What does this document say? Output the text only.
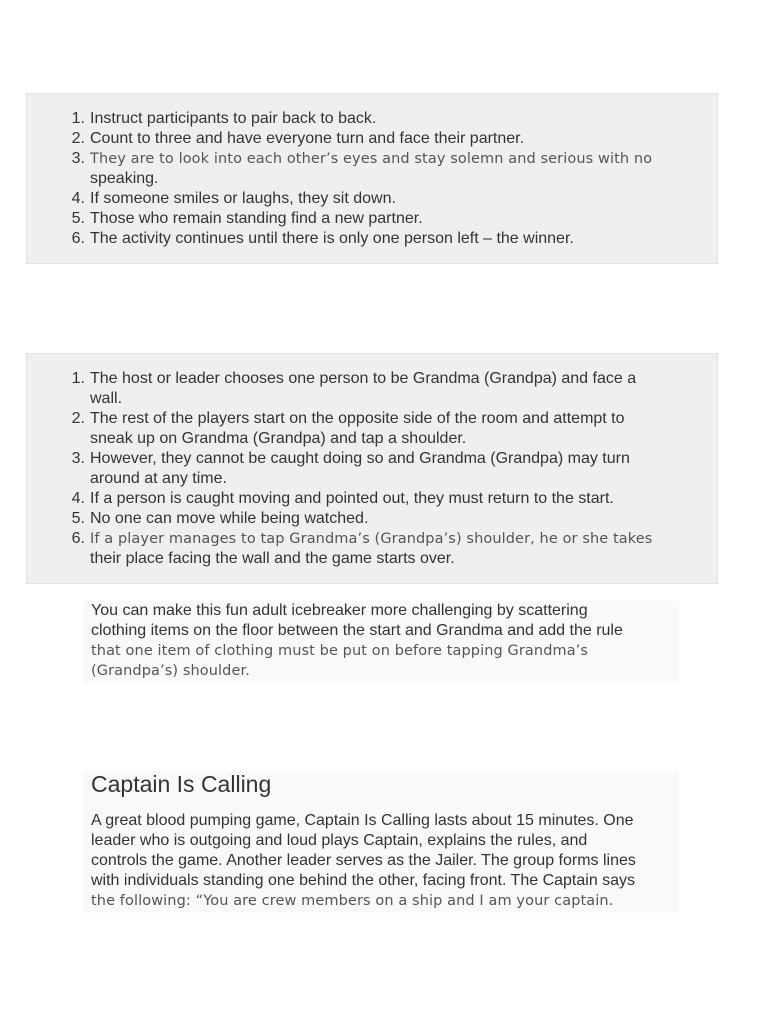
1. Instruct participants to pair back to back.
2. Count to three and have everyone turn and face their partner.
3. They are to look into each other’s eyes and stay solemn and serious with no
speaking.
4. If someone smiles or laughs, they sit down.
5. Those who remain standing find a new partner.
6. The activity continues until there is only one person left – the winner.
1. The host or leader chooses one person to be Grandma (Grandpa) and face a
wall.
2. The rest of the players start on the opposite side of the room and attempt to
sneak up on Grandma (Grandpa) and tap a shoulder.
3. However, they cannot be caught doing so and Grandma (Grandpa) may turn
around at any time.
4. If a person is caught moving and pointed out, they must return to the start.
5. No one can move while being watched.
6. If a player manages to tap Grandma’s (Grandpa’s) shoulder, he or she takes
their place facing the wall and the game starts over.
You can make this fun adult icebreaker more challenging by scattering
clothing items on the floor between the start and Grandma and add the rule
that one item of clothing must be put on before tapping Grandma’s
(Grandpa’s) shoulder.
Captain Is Calling
A great blood pumping game, Captain Is Calling lasts about 15 minutes. One
leader who is outgoing and loud plays Captain, explains the rules, and
controls the game. Another leader serves as the Jailer. The group forms lines
with individuals standing one behind the other, facing front. The Captain says
the following: “You are crew members on a ship and I am your captain.
